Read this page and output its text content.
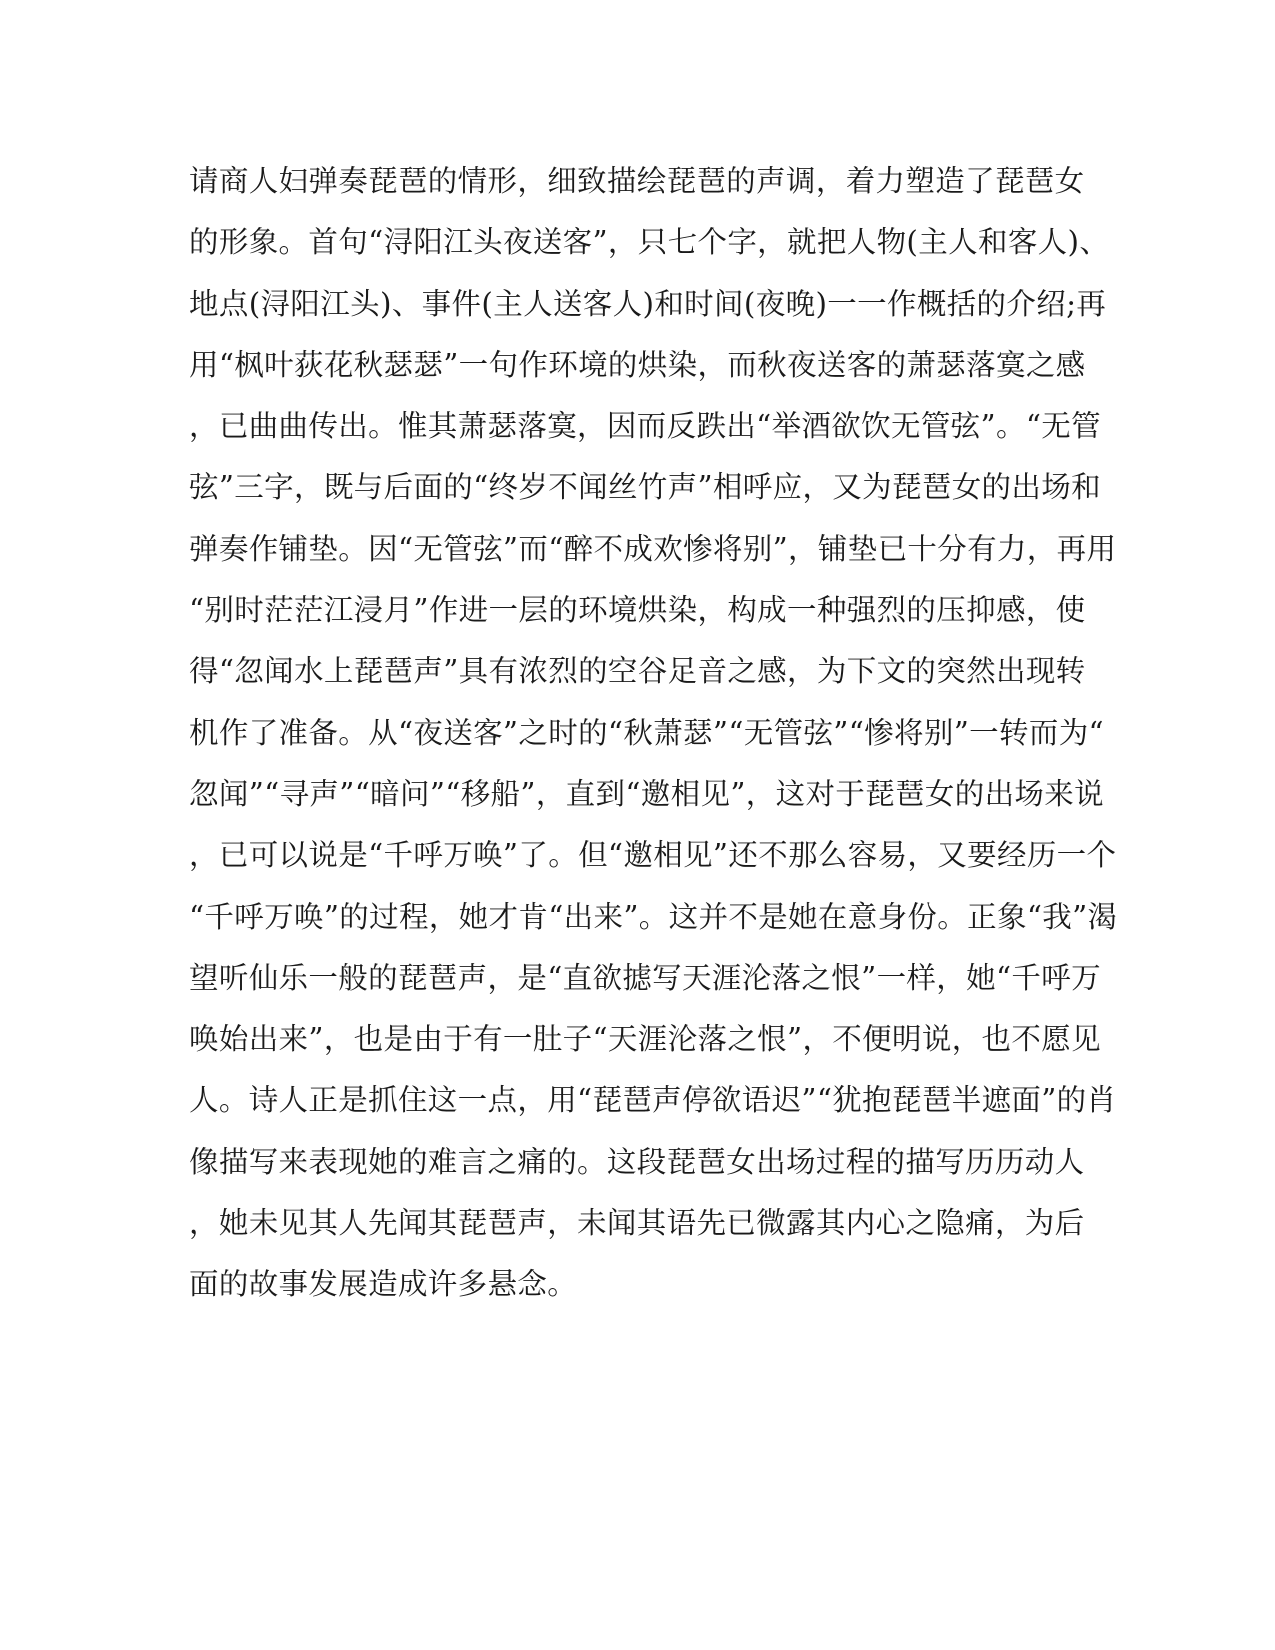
请商人妇弹奏琵琶的情形，细致描绘琵琶的声调，着力塑造了琵琶女
的形象。首句“浔阳江头夜送客”，只七个字，就把人物(主人和客人)、
地点(浔阳江头)、事件(主人送客人)和时间(夜晚)一一作概括的介绍;再
用“枫叶荻花秋瑟瑟”一句作环境的烘染，而秋夜送客的萧瑟落寞之感
，已曲曲传出。惟其萧瑟落寞，因而反跌出“举酒欲饮无管弦”。“无管
弦”三字，既与后面的“终岁不闻丝竹声”相呼应，又为琵琶女的出场和
弹奏作铺垫。因“无管弦”而“醉不成欢惨将别”，铺垫已十分有力，再用
“别时茫茫江浸月”作进一层的环境烘染，构成一种强烈的压抑感，使
得“忽闻水上琵琶声”具有浓烈的空谷足音之感，为下文的突然出现转
机作了准备。从“夜送客”之时的“秋萧瑟”“无管弦”“惨将别”一转而为“
忽闻”“寻声”“暗问”“移船”，直到“邀相见”，这对于琵琶女的出场来说
，已可以说是“千呼万唤”了。但“邀相见”还不那么容易，又要经历一个
“千呼万唤”的过程，她才肯“出来”。这并不是她在意身份。正象“我”渴
望听仙乐一般的琵琶声，是“直欲摅写天涯沦落之恨”一样，她“千呼万
唤始出来”，也是由于有一肚子“天涯沦落之恨”，不便明说，也不愿见
人。诗人正是抓住这一点，用“琵琶声停欲语迟”“犹抱琵琶半遮面”的肖
像描写来表现她的难言之痛的。这段琵琶女出场过程的描写历历动人
，她未见其人先闻其琵琶声，未闻其语先已微露其内心之隐痛，为后
面的故事发展造成许多悬念。
